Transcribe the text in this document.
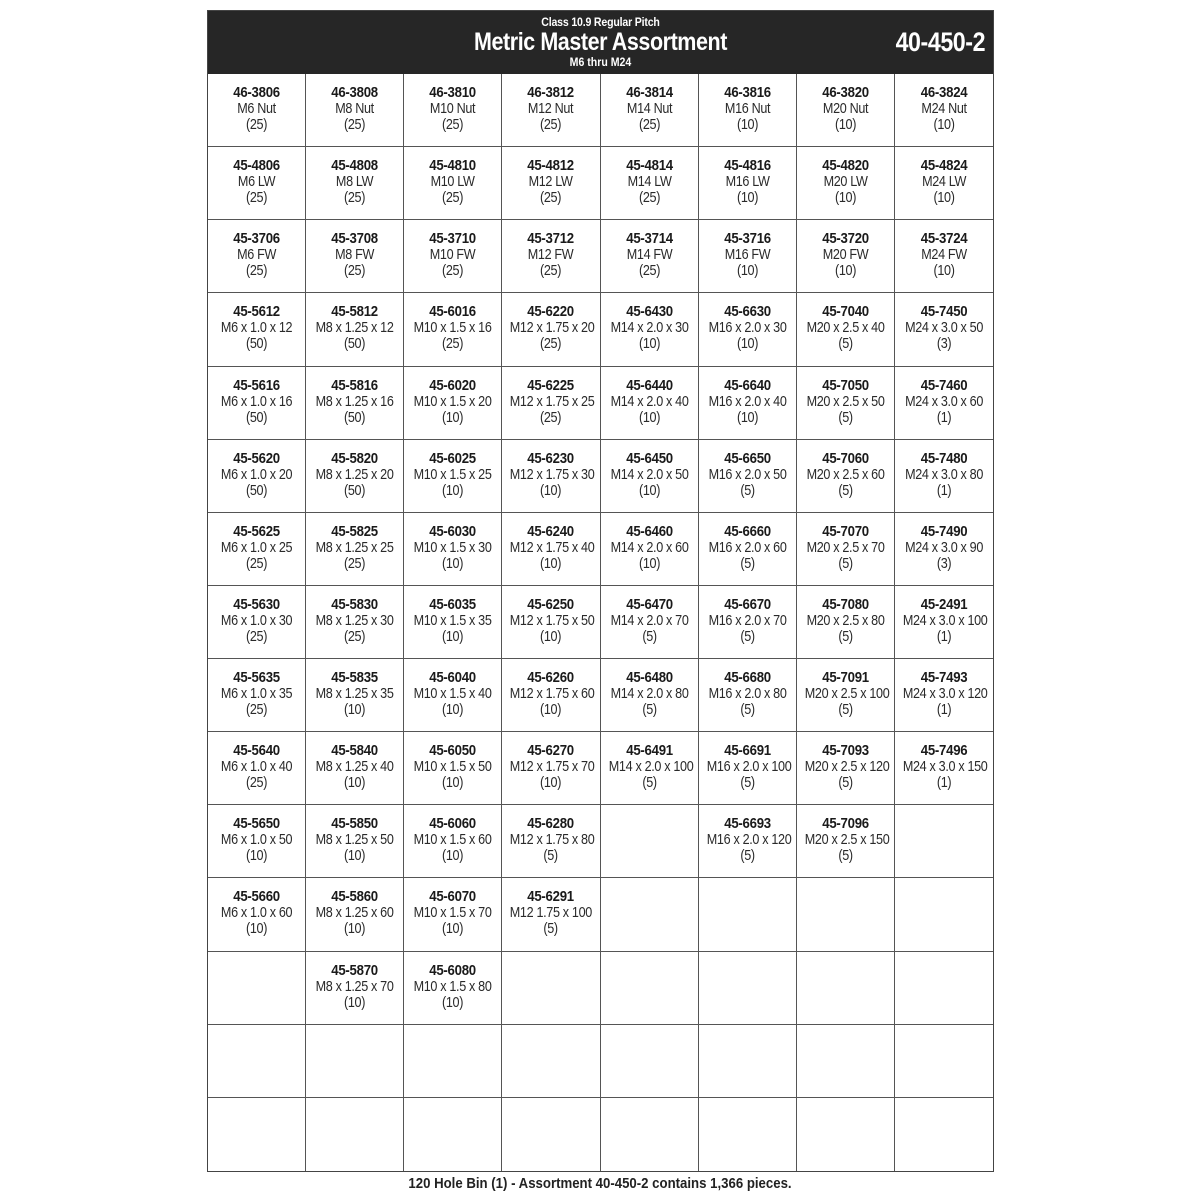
Class 10.9 Regular Pitch
Metric Master Assortment
M6 thru M24
40-450-2
46-3806
M6 Nut
(25)
46-3808
M8 Nut
(25)
46-3810
M10 Nut
(25)
46-3812
M12 Nut
(25)
46-3814
M14 Nut
(25)
46-3816
M16 Nut
(10)
46-3820
M20 Nut
(10)
46-3824
M24 Nut
(10)
45-4806
M6 LW
(25)
45-4808
M8 LW
(25)
45-4810
M10 LW
(25)
45-4812
M12 LW
(25)
45-4814
M14 LW
(25)
45-4816
M16 LW
(10)
45-4820
M20 LW
(10)
45-4824
M24 LW
(10)
45-3706
M6 FW
(25)
45-3708
M8 FW
(25)
45-3710
M10 FW
(25)
45-3712
M12 FW
(25)
45-3714
M14 FW
(25)
45-3716
M16 FW
(10)
45-3720
M20 FW
(10)
45-3724
M24 FW
(10)
45-5612
M6 x 1.0 x 12
(50)
45-5812
M8 x 1.25 x 12
(50)
45-6016
M10 x 1.5 x 16
(25)
45-6220
M12 x 1.75 x 20
(25)
45-6430
M14 x 2.0 x 30
(10)
45-6630
M16 x 2.0 x 30
(10)
45-7040
M20 x 2.5 x 40
(5)
45-7450
M24 x 3.0 x 50
(3)
45-5616
M6 x 1.0 x 16
(50)
45-5816
M8 x 1.25 x 16
(50)
45-6020
M10 x 1.5 x 20
(10)
45-6225
M12 x 1.75 x 25
(25)
45-6440
M14 x 2.0 x 40
(10)
45-6640
M16 x 2.0 x 40
(10)
45-7050
M20 x 2.5 x 50
(5)
45-7460
M24 x 3.0 x 60
(1)
45-5620
M6 x 1.0 x 20
(50)
45-5820
M8 x 1.25 x 20
(50)
45-6025
M10 x 1.5 x 25
(10)
45-6230
M12 x 1.75 x 30
(10)
45-6450
M14 x 2.0 x 50
(10)
45-6650
M16 x 2.0 x 50
(5)
45-7060
M20 x 2.5 x 60
(5)
45-7480
M24 x 3.0 x 80
(1)
45-5625
M6 x 1.0 x 25
(25)
45-5825
M8 x 1.25 x 25
(25)
45-6030
M10 x 1.5 x 30
(10)
45-6240
M12 x 1.75 x 40
(10)
45-6460
M14 x 2.0 x 60
(10)
45-6660
M16 x 2.0 x 60
(5)
45-7070
M20 x 2.5 x 70
(5)
45-7490
M24 x 3.0 x 90
(3)
45-5630
M6 x 1.0 x 30
(25)
45-5830
M8 x 1.25 x 30
(25)
45-6035
M10 x 1.5 x 35
(10)
45-6250
M12 x 1.75 x 50
(10)
45-6470
M14 x 2.0 x 70
(5)
45-6670
M16 x 2.0 x 70
(5)
45-7080
M20 x 2.5 x 80
(5)
45-2491
M24 x 3.0 x 100
(1)
45-5635
M6 x 1.0 x 35
(25)
45-5835
M8 x 1.25 x 35
(10)
45-6040
M10 x 1.5 x 40
(10)
45-6260
M12 x 1.75 x 60
(10)
45-6480
M14 x 2.0 x 80
(5)
45-6680
M16 x 2.0 x 80
(5)
45-7091
M20 x 2.5 x 100
(5)
45-7493
M24 x 3.0 x 120
(1)
45-5640
M6 x 1.0 x 40
(25)
45-5840
M8 x 1.25 x 40
(10)
45-6050
M10 x 1.5 x 50
(10)
45-6270
M12 x 1.75 x 70
(10)
45-6491
M14 x 2.0 x 100
(5)
45-6691
M16 x 2.0 x 100
(5)
45-7093
M20 x 2.5 x 120
(5)
45-7496
M24 x 3.0 x 150
(1)
45-5650
M6 x 1.0 x 50
(10)
45-5850
M8 x 1.25 x 50
(10)
45-6060
M10 x 1.5 x 60
(10)
45-6280
M12 x 1.75 x 80
(5)
45-6693
M16 x 2.0 x 120
(5)
45-7096
M20 x 2.5 x 150
(5)
45-5660
M6 x 1.0 x 60
(10)
45-5860
M8 x 1.25 x 60
(10)
45-6070
M10 x 1.5 x 70
(10)
45-6291
M12 1.75 x 100
(5)
45-5870
M8 x 1.25 x 70
(10)
45-6080
M10 x 1.5 x 80
(10)
120 Hole Bin (1) - Assortment 40-450-2 contains 1,366 pieces.
